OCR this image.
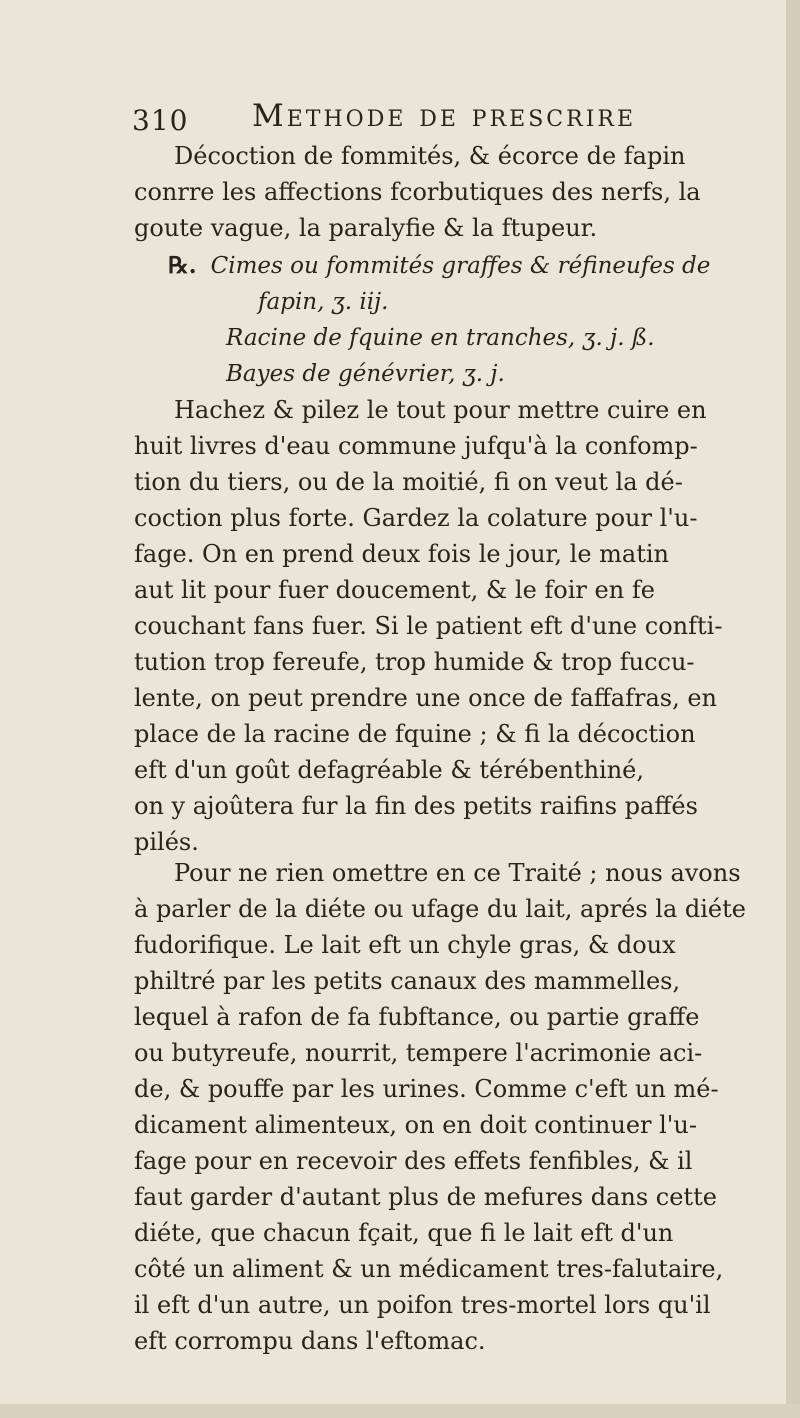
310 Methode de prescrire
Décoction de fommités, & écorce de fapin
conrre les affections fcorbutiques des nerfs, la
goute vague, la paralyfie & la ftupeur.
℞. Cimes ou fommités graffes & réfineufes de
fapin, ʒ. iij.
Racine de fquine en tranches, ʒ. j. ß.
Bayes de génévrier, ʒ. j.
Hachez & pilez le tout pour mettre cuire en
huit livres d'eau commune jufqu'à la confomp-
tion du tiers, ou de la moitié, fi on veut la dé-
coction plus forte. Gardez la colature pour l'u-
fage. On en prend deux fois le jour, le matin
aut lit pour fuer doucement, & le foir en fe
couchant fans fuer. Si le patient eft d'une confti-
tution trop fereufe, trop humide & trop fuccu-
lente, on peut prendre une once de faffafras, en
place de la racine de fquine ; & fi la décoction
eft d'un goût defagréable & térébenthiné,
on y ajoûtera fur la fin des petits raifins paffés
pilés.
Pour ne rien omettre en ce Traité ; nous avons
à parler de la diéte ou ufage du lait, aprés la diéte
fudorifique. Le lait eft un chyle gras, & doux
philtré par les petits canaux des mammelles,
lequel à rafon de fa fubftance, ou partie graffe
ou butyreufe, nourrit, tempere l'acrimonie aci-
de, & pouffe par les urines. Comme c'eft un mé-
dicament alimenteux, on en doit continuer l'u-
fage pour en recevoir des effets fenfibles, & il
faut garder d'autant plus de mefures dans cette
diéte, que chacun fçait, que fi le lait eft d'un
côté un aliment & un médicament tres-falutaire,
il eft d'un autre, un poifon tres-mortel lors qu'il
eft corrompu dans l'eftomac.
